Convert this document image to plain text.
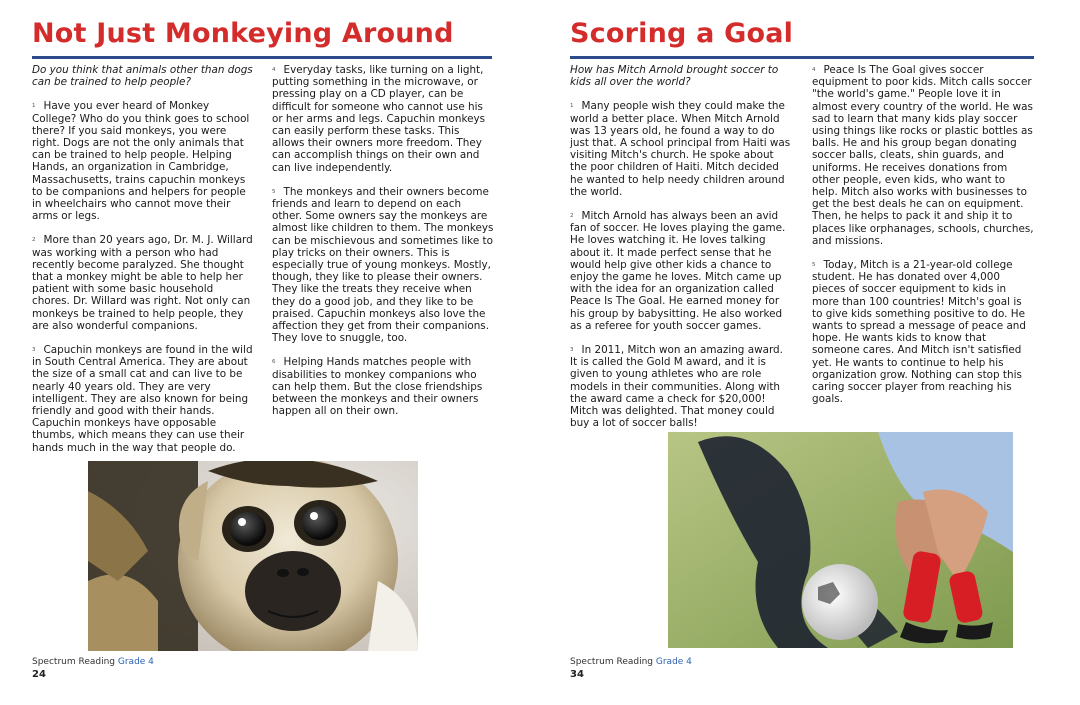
Not Just Monkeying Around

Do you think that animals other than dogs can be trained to help people?

$^1$ Have you ever heard of Monkey College? Who do you think goes to school there? If you said monkeys, you were right. Dogs are not the only animals that can be trained to help people. Helping Hands, an organization in Cambridge, Massachusetts, trains capuchin monkeys to be companions and helpers for people in wheelchairs who cannot move their arms or legs.

$^2$ More than 20 years ago, Dr. M. J. Willard was working with a person who had recently become paralyzed. She thought that a monkey might be able to help her patient with some basic household chores. Dr. Willard was right. Not only can monkeys be trained to help people, they are also wonderful companions.

$^3$ Capuchin monkeys are found in the wild in South Central America. They are about the size of a small cat and can live to be nearly 40 years old. They are very intelligent. They are also known for being friendly and good with their hands. Capuchin monkeys have opposable thumbs, which means they can use their hands much in the way that people do.

$^4$ Everyday tasks, like turning on a light, putting something in the microwave, or pressing play on a CD player, can be difficult for someone who cannot use his or her arms and legs. Capuchin monkeys can easily perform these tasks. This allows their owners more freedom. They can accomplish things on their own and can live independently.

$^5$ The monkeys and their owners become friends and learn to depend on each other. Some owners say the monkeys are almost like children to them. The monkeys can be mischievous and sometimes like to play tricks on their owners. This is especially true of young monkeys. Mostly, though, they like to please their owners. They like the treats they receive when they do a good job, and they like to be praised. Capuchin monkeys also love the affection they get from their companions. They love to snuggle, too.

$^6$ Helping Hands matches people with disabilities to monkey companions who can help them. But the close friendships between the monkeys and their owners happen all on their own.

Spectrum Reading Grade 4
24
Scoring a Goal

How has Mitch Arnold brought soccer to kids all over the world?

$^1$ Many people wish they could make the world a better place. When Mitch Arnold was 13 years old, he found a way to do just that. A school principal from Haiti was visiting Mitch's church. He spoke about the poor children of Haiti. Mitch decided he wanted to help needy children around the world.

$^2$ Mitch Arnold has always been an avid fan of soccer. He loves playing the game. He loves watching it. He loves talking about it. It made perfect sense that he would help give other kids a chance to enjoy the game he loves. Mitch came up with the idea for an organization called Peace Is The Goal. He earned money for his group by babysitting. He also worked as a referee for youth soccer games.

$^3$ In 2011, Mitch won an amazing award. It is called the Gold M award, and it is given to young athletes who are role models in their communities. Along with the award came a check for $20,000! Mitch was delighted. That money could buy a lot of soccer balls!

$^4$ Peace Is The Goal gives soccer equipment to poor kids. Mitch calls soccer "the world's game." People love it in almost every country of the world. He was sad to learn that many kids play soccer using things like rocks or plastic bottles as balls. He and his group began donating soccer balls, cleats, shin guards, and uniforms. He receives donations from other people, even kids, who want to help. Mitch also works with businesses to get the best deals he can on equipment. Then, he helps to pack it and ship it to places like orphanages, schools, churches, and missions.

$^5$ Today, Mitch is a 21-year-old college student. He has donated over 4,000 pieces of soccer equipment to kids in more than 100 countries! Mitch's goal is to give kids something positive to do. He wants to spread a message of peace and hope. He wants kids to know that someone cares. And Mitch isn't satisfied yet. He wants to continue to help his organization grow. Nothing can stop this caring soccer player from reaching his goals.

Spectrum Reading Grade 4
34
